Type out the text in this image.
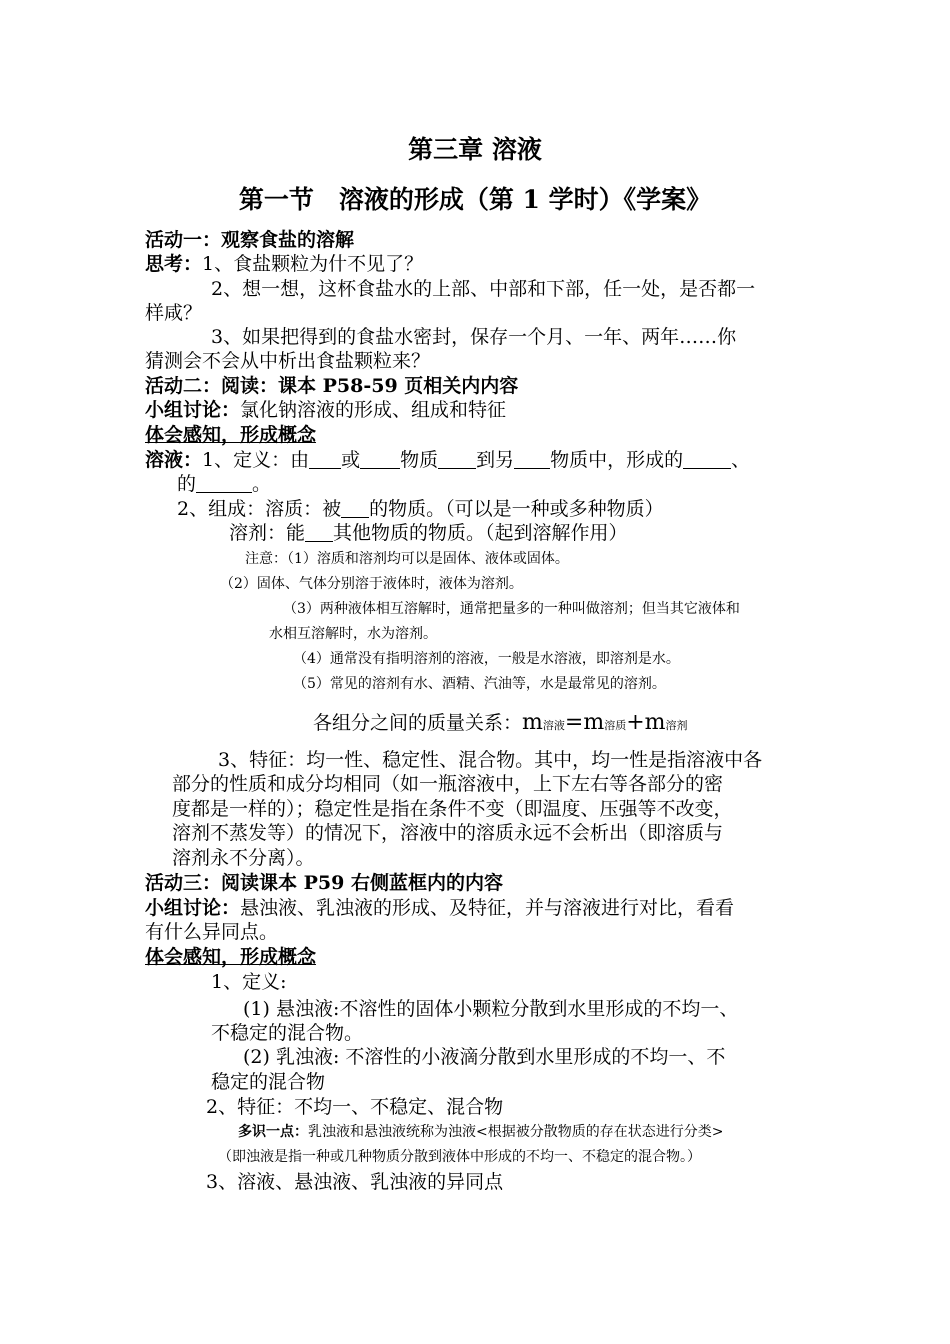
第三章 溶液
第一节　溶液的形成（第 1 学时）《学案》
活动一：观察食盐的溶解
思考：1、食盐颗粒为什不见了？
2、想一想，这杯食盐水的上部、中部和下部，任一处，是否都一
样咸？
3、如果把得到的食盐水密封，保存一个月、一年、两年……你
猜测会不会从中析出食盐颗粒来？
活动二：阅读：课本 P58-59 页相关内内容
小组讨论：氯化钠溶液的形成、组成和特征
体会感知，形成概念
溶液：1、定义：由 或 物质 到另 物质中，形成的	、
的	。
2、组成：溶质：被 的物质。（可以是一种或多种物质）
溶剂：能 其他物质的物质。（起到溶解作用）
注意：（1）溶质和溶剂均可以是固体、液体或固体。
（2）固体、气体分别溶于液体时，液体为溶剂。
（3）两种液体相互溶解时，通常把量多的一种叫做溶剂；但当其它液体和
水相互溶解时，水为溶剂。
（4）通常没有指明溶剂的溶液，一般是水溶液，即溶剂是水。
（5）常见的溶剂有水、酒精、汽油等，水是最常见的溶剂。
各组分之间的质量关系：m溶液=m溶质+m溶剂
3、特征：均一性、稳定性、混合物。其中，均一性是指溶液中各
部分的性质和成分均相同（如一瓶溶液中，上下左右等各部分的密
度都是一样的）；稳定性是指在条件不变（即温度、压强等不改变，
溶剂不蒸发等）的情况下，溶液中的溶质永远不会析出（即溶质与
溶剂永不分离）。
活动三：阅读课本 P59 右侧蓝框内的内容
小组讨论：悬浊液、乳浊液的形成、及特征，并与溶液进行对比，看看
有什么异同点。
体会感知，形成概念
1、定义:
(1) 悬浊液:不溶性的固体小颗粒分散到水里形成的不均一、
不稳定的混合物。
(2) 乳浊液: 不溶性的小液滴分散到水里形成的不均一、不
稳定的混合物
2、特征：不均一、不稳定、混合物
多识一点：乳浊液和悬浊液统称为浊液<根据被分散物质的存在状态进行分类>
（即浊液是指一种或几种物质分散到液体中形成的不均一、不稳定的混合物。）
3、溶液、悬浊液、乳浊液的异同点
